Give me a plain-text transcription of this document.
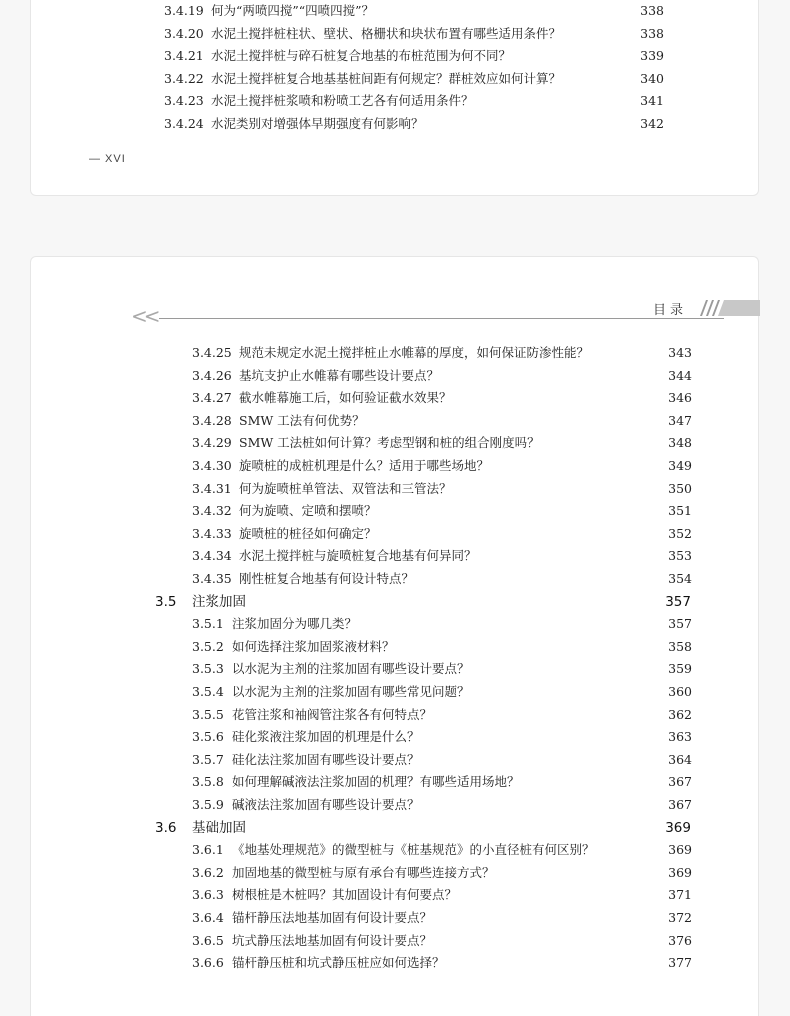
3.4.19 何为“两喷四搅”“四喷四搅”？	338
3.4.20 水泥土搅拌桩柱状、壁状、格栅状和块状布置有哪些适用条件？	338
3.4.21 水泥土搅拌桩与碎石桩复合地基的布桩范围为何不同？	339
3.4.22 水泥土搅拌桩复合地基基桩间距有何规定？群桩效应如何计算？	340
3.4.23 水泥土搅拌桩浆喷和粉喷工艺各有何适用条件？	341
3.4.24 水泥类别对增强体早期强度有何影响？	342
— XVI
<<	目录
3.4.25 规范未规定水泥土搅拌桩止水帷幕的厚度，如何保证防渗性能？	343
3.4.26 基坑支护止水帷幕有哪些设计要点？	344
3.4.27 截水帷幕施工后，如何验证截水效果？	346
3.4.28 SMW 工法有何优势？	347
3.4.29 SMW 工法桩如何计算？考虑型钢和桩的组合刚度吗？	348
3.4.30 旋喷桩的成桩机理是什么？适用于哪些场地？	349
3.4.31 何为旋喷桩单管法、双管法和三管法？	350
3.4.32 何为旋喷、定喷和摆喷？	351
3.4.33 旋喷桩的桩径如何确定？	352
3.4.34 水泥土搅拌桩与旋喷桩复合地基有何异同？	353
3.4.35 刚性桩复合地基有何设计特点？	354
3.5 注浆加固	357
3.5.1 注浆加固分为哪几类？	357
3.5.2 如何选择注浆加固浆液材料？	358
3.5.3 以水泥为主剂的注浆加固有哪些设计要点？	359
3.5.4 以水泥为主剂的注浆加固有哪些常见问题？	360
3.5.5 花管注浆和袖阀管注浆各有何特点？	362
3.5.6 硅化浆液注浆加固的机理是什么？	363
3.5.7 硅化法注浆加固有哪些设计要点？	364
3.5.8 如何理解碱液法注浆加固的机理？有哪些适用场地？	367
3.5.9 碱液法注浆加固有哪些设计要点？	367
3.6 基础加固	369
3.6.1 《地基处理规范》的微型桩与《桩基规范》的小直径桩有何区别？	369
3.6.2 加固地基的微型桩与原有承台有哪些连接方式？	369
3.6.3 树根桩是木桩吗？其加固设计有何要点？	371
3.6.4 锚杆静压法地基加固有何设计要点？	372
3.6.5 坑式静压法地基加固有何设计要点？	376
3.6.6 锚杆静压桩和坑式静压桩应如何选择？	377
